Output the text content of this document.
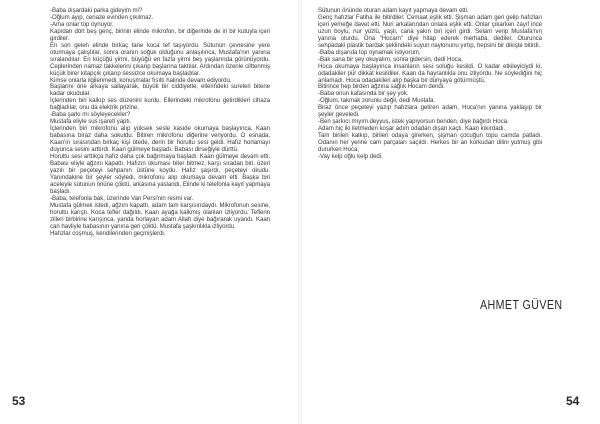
-Baba dışardaki parka gideyim mi?

-Oğlum ayıp, cenaze evinden çıkılmaz.

-Ama onlar top oynuyor.

Kapıdan dört beş genç, birinin elinde mikrofon, bir diğerinde de iri bir kutuyla içeri girdiler.

En son gelen elinde birkaç tane koca tef taşıyordu. Sütunun çevresine yere oturmaya çalıştılar, sonra oranın soğuk olduğunu anlaşılınca, Mustafa'nın yanına sıralandılar. En küçüğü yirmi, büyüğü en fazla yirmi beş yaşlarında görünüyordu. Ceplerinden namaz takkelerini çıkarıp başlarına taktılar. Ardından özenle cilttenmiş küçük birer kitapçık çıkarıp sessizce okumaya başladılar.

Kimse onlarla ilgilenmedi, konuşmalar fısıltı halinde devam ediyordu.

Başlarını öne arkaya sallayarak, büyük bir ciddiyetle, ellerindeki sureleri bitene kadar okudular.

İçlerinden biri kalkıp ses düzenini kurdu. Ellerindeki mikrofonu getirdikleri cihaza bağladılar, onu da elektrik prizine.

-Baba şarkı mı söyleyecekler?

Mustafa eliyle sus işareti yaptı.

İçlerinden biri mikrofonu alıp yüksek sesle kaside okumaya başlayınca, Kaan babasına biraz daha sokuldu. Bitiren mikrofonu diğerine veriyordu. O esnada, Kaan'ın sırasından birkaç kişi ötede, derin bir horultu sesi geldi. Hafız horlamayı duyunca sesini arttırdı. Kaan gülmeye başladı. Babası dirseğiyle dürttü.

Horultu sesi arttıkça hafız daha çok bağırmaya başladı. Kaan gülmeye devam etti. Babası eliyle ağzını kapattı. Hafızın okuması biter bitmez, karşı sıradan biri, üzeri yazılı bir peçeteyi sehpanın üstüne koydu. Hafız şaşırdı, peçeteyi okudu. Yanındakine bir şeyler söyledi, mikrofonu alıp okumaya devam etti. Başka biri aceleyle sütunun önüne çöktü, arkasına yaslandı. Elinde ki telefonla kayıt yapmaya başladı.

-Baba, telefonla bak, üzerinde Van Persi'nin resmi var.

Mustafa gülmek istedi, ağzını kapattı, adam tam karşısındaydı. Mikrofonun sesine, horultu karıştı. Koca tefler dağıldı, Kaan ayağa kalkmış olanları izliyordu. Teflerin zilleri birbirine karışınca, yanda horlayan adam Allah diye bağırarak uyandı. Kaan can havliyle babasının yanına geri çöktü. Mustafa şaşkınlıkla izliyordu.

Hafızlar coşmuş, kendilerinden geçmişlerdi.

Sütunun önünde oturan adam kayıt yapmaya devam etti.

Genç hafızlar Fatiha ile bitirdiler. Cemaat eşlik etti. Şişman adam geri gelip hafızları içeri yemeğe davet etti. Nuri arkalarından onlara eşlik etti. Onlar çıkarken zayıf ince uzun boylu, nur yüzlü, yaşlı, cana yakın biri içeri girdi. Selam verip Mustafa'nın yanına oturdu. Ona "Hocam" diye hitap ederek merhaba, dediler. Oturunca sehpadaki plastik bardak şeklindeki suyun naylonunu yırtıp, hepsini bir dikişte bitirdi.

-Baba dışarıda top oynamak istiyorum.

-Bak sana bir şey okuyalım, sonra gidersin, dedi Hoca.

Hoca okumaya başlayınca insanların sesi soluğu kesildi. O kadar etkileyiciydi ki, odadakiler pür dikkat kesildiler. Kaan da hayranlıkla onu izliyordu. Ne söylediğini hiç anlamadı. Hoca odadakileri alıp başka bir dünyaya götürmüştü.

Bitirince hep birden ağzına sağlık Hocam dendi.

-Baba onun kafasında bir şey yok.

-Oğlum, takmak zorunlu değil, dedi Mustafa.

Biraz önce peçeteyi yazıp hafızlara getiren adam, Hoca'nın yanına yaklaşıp bir şeyler geveledi.

-Ben şarkıcı mıyım deyyus, istek yapıyorsun benden, diye bağırdı Hoca.

Adam hiç iki iletmeden koşar adım odadan dışarı kaçtı. Kaan kıkırdadı.

Tam birileri kalkıp, birileri odaya girerken, şişman çocuğun topu camda patladı. Odanın her yerine cam parçaları saçıldı. Herkes bir an korkudan dilini yutmuş gibi dururken Hoca;

-Vay kelp oğlu kelp dedi.

AHMET GÜVEN
53	54
